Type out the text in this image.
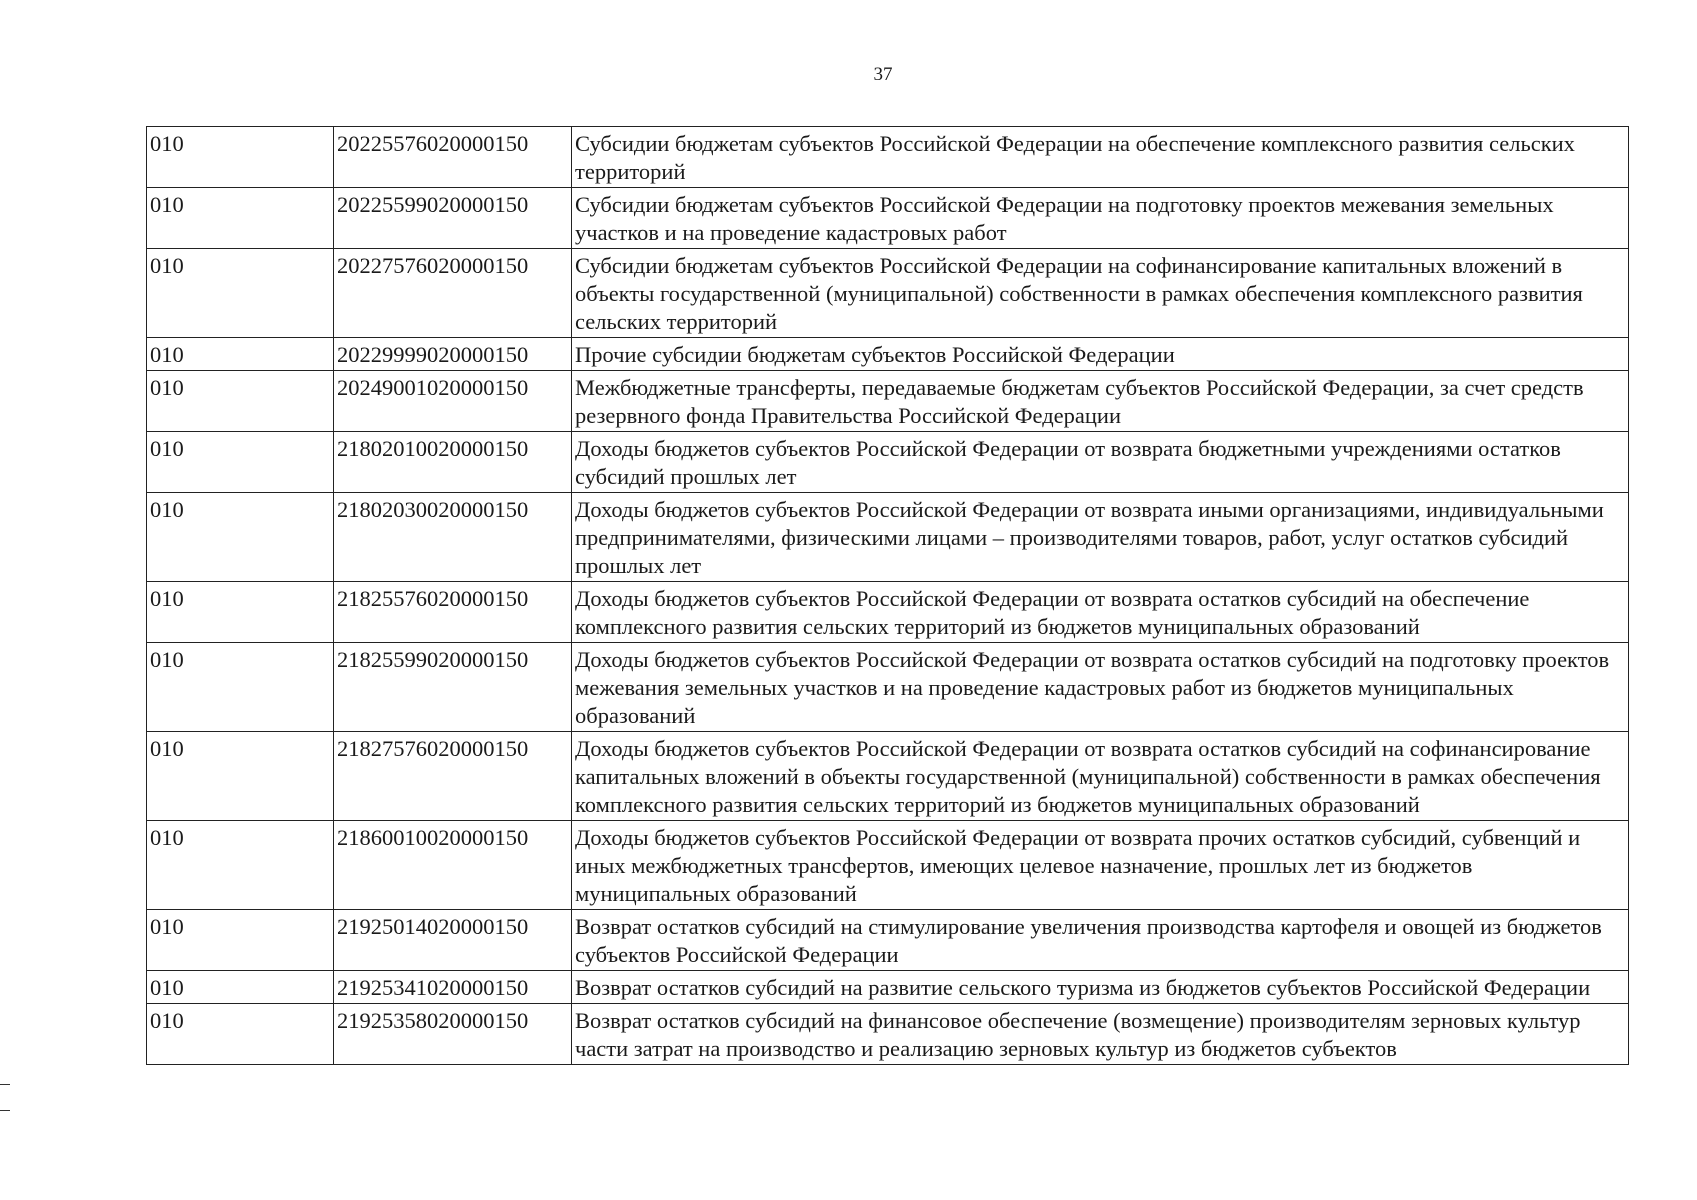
37
010	20225576020000150	Субсидии бюджетам субъектов Российской Федерации на обеспечение комплексного развития сельских территорий
010	20225599020000150	Субсидии бюджетам субъектов Российской Федерации на подготовку проектов межевания земельных участков и на проведение кадастровых работ
010	20227576020000150	Субсидии бюджетам субъектов Российской Федерации на софинансирование капитальных вложений в объекты государственной (муниципальной) собственности в рамках обеспечения комплексного развития сельских территорий
010	20229999020000150	Прочие субсидии бюджетам субъектов Российской Федерации
010	20249001020000150	Межбюджетные трансферты, передаваемые бюджетам субъектов Российской Федерации, за счет средств резервного фонда Правительства Российской Федерации
010	21802010020000150	Доходы бюджетов субъектов Российской Федерации от возврата бюджетными учреждениями остатков субсидий прошлых лет
010	21802030020000150	Доходы бюджетов субъектов Российской Федерации от возврата иными организациями, индивидуальными предпринимателями, физическими лицами – производителями товаров, работ, услуг остатков субсидий прошлых лет
010	21825576020000150	Доходы бюджетов субъектов Российской Федерации от возврата остатков субсидий на обеспечение комплексного развития сельских территорий из бюджетов муниципальных образований
010	21825599020000150	Доходы бюджетов субъектов Российской Федерации от возврата остатков субсидий на подготовку проектов межевания земельных участков и на проведение кадастровых работ из бюджетов муниципальных образований
010	21827576020000150	Доходы бюджетов субъектов Российской Федерации от возврата остатков субсидий на софинансирование капитальных вложений в объекты государственной (муниципальной) собственности в рамках обеспечения комплексного развития сельских территорий из бюджетов муниципальных образований
010	21860010020000150	Доходы бюджетов субъектов Российской Федерации от возврата прочих остатков субсидий, субвенций и иных межбюджетных трансфертов, имеющих целевое назначение, прошлых лет из бюджетов муниципальных образований
010	21925014020000150	Возврат остатков субсидий на стимулирование увеличения производства картофеля и овощей из бюджетов субъектов Российской Федерации
010	21925341020000150	Возврат остатков субсидий на развитие сельского туризма из бюджетов субъектов Российской Федерации
010	21925358020000150	Возврат остатков субсидий на финансовое обеспечение (возмещение) производителям зерновых культур части затрат на производство и реализацию зерновых культур из бюджетов субъектов
